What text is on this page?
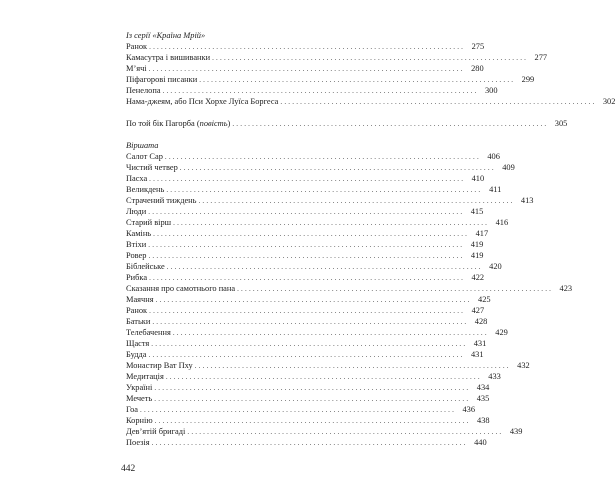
Із серії «Країна Мрій»
Ранок ................................................................................ 275
Камасутра і вишиванки ................................................................................ 277
М’ячі ................................................................................ 280
Піфагорові писанки ................................................................................ 299
Пенелопа ................................................................................ 300
Нама-джеям, або Пси Хорхе Луїса Боргеса ................................................................................ 302
По той бік Пагорба (повість) ................................................................................ 305
Віршата
Салот Сар ................................................................................ 406
Чистий четвер ................................................................................ 409
Пасха ................................................................................ 410
Великдень ................................................................................ 411
Страчений тиждень ................................................................................ 413
Люди ................................................................................ 415
Старий вірш ................................................................................ 416
Камінь ................................................................................ 417
Втіхи ................................................................................ 419
Ровер ................................................................................ 419
Біблейське ................................................................................ 420
Рибка ................................................................................ 422
Сказання про самотнього пана ................................................................................ 423
Маячня ................................................................................ 425
Ранок ................................................................................ 427
Батьки ................................................................................ 428
Телебачення ................................................................................ 429
Щастя ................................................................................ 431
Будда ................................................................................ 431
Монастир Ват Пху ................................................................................ 432
Медитація ................................................................................ 433
Україні ................................................................................ 434
Мечеть ................................................................................ 435
Гоа ................................................................................ 436
Корнію ................................................................................ 438
Дев’ятій бригаді ................................................................................ 439
Поезія ................................................................................ 440
442
